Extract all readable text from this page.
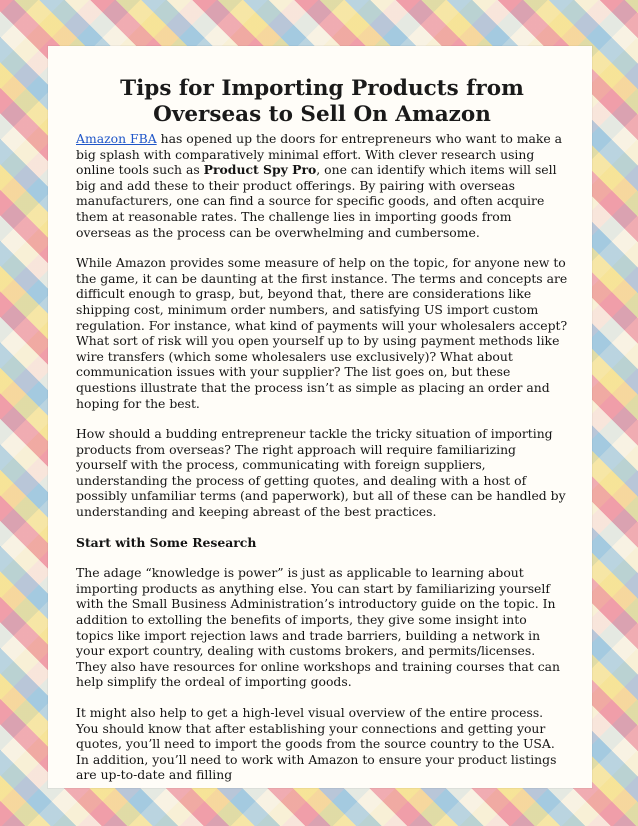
Tips for Importing Products from Overseas to Sell On Amazon

Amazon FBA has opened up the doors for entrepreneurs who want to make a big splash with comparatively minimal effort. With clever research using online tools such as Product Spy Pro, one can identify which items will sell big and add these to their product offerings. By pairing with overseas manufacturers, one can find a source for specific goods, and often acquire them at reasonable rates. The challenge lies in importing goods from overseas as the process can be overwhelming and cumbersome.

While Amazon provides some measure of help on the topic, for anyone new to the game, it can be daunting at the first instance. The terms and concepts are difficult enough to grasp, but, beyond that, there are considerations like shipping cost, minimum order numbers, and satisfying US import custom regulation. For instance, what kind of payments will your wholesalers accept? What sort of risk will you open yourself up to by using payment methods like wire transfers (which some wholesalers use exclusively)? What about communication issues with your supplier? The list goes on, but these questions illustrate that the process isn’t as simple as placing an order and hoping for the best.

How should a budding entrepreneur tackle the tricky situation of importing products from overseas? The right approach will require familiarizing yourself with the process, communicating with foreign suppliers, understanding the process of getting quotes, and dealing with a host of possibly unfamiliar terms (and paperwork), but all of these can be handled by understanding and keeping abreast of the best practices.

Start with Some Research

The adage “knowledge is power” is just as applicable to learning about importing products as anything else. You can start by familiarizing yourself with the Small Business Administration’s introductory guide on the topic. In addition to extolling the benefits of imports, they give some insight into topics like import rejection laws and trade barriers, building a network in your export country, dealing with customs brokers, and permits/licenses. They also have resources for online workshops and training courses that can help simplify the ordeal of importing goods.

It might also help to get a high-level visual overview of the entire process. You should know that after establishing your connections and getting your quotes, you’ll need to import the goods from the source country to the USA. In addition, you’ll need to work with Amazon to ensure your product listings are up-to-date and filling
